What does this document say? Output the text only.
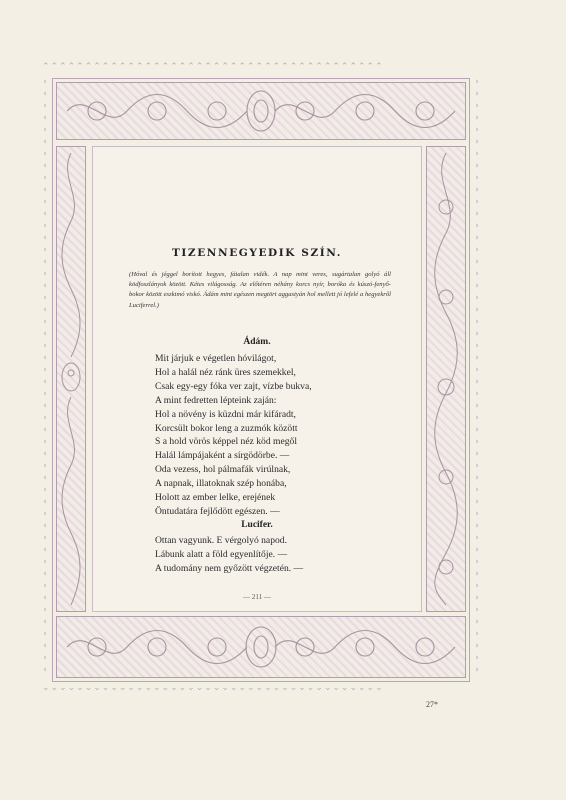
⌃⌃⌃⌃⌃⌃⌃⌃⌃⌃⌃⌃⌃⌃⌃⌃⌃⌃⌃⌃⌃⌃⌃⌃⌃⌃⌃⌃⌃⌃⌃⌃⌃⌃⌃⌃⌃⌃⌃⌃
⌄⌄⌄⌄⌄⌄⌄⌄⌄⌄⌄⌄⌄⌄⌄⌄⌄⌄⌄⌄⌄⌄⌄⌄⌄⌄⌄⌄⌄⌄⌄⌄⌄⌄⌄⌄⌄⌄⌄⌄
‹
‹
‹
‹
‹
‹
‹
‹
‹
‹
‹
‹
‹
‹
‹
‹
‹
‹
‹
‹
‹
‹
‹
‹
‹
‹
‹
‹
‹
‹
‹
‹
‹
‹
‹
‹
‹
‹
‹
‹
‹
‹
‹
‹
‹
‹
‹
‹
‹
‹
›
›
›
›
›
›
›
›
›
›
›
›
›
›
›
›
›
›
›
›
›
›
›
›
›
›
›
›
›
›
›
›
›
›
›
›
›
›
›
›
›
›
›
›
›
›
›
›
›
›
TIZENNEGYEDIK SZÍN.
(Hóval és jéggel borított hegyes, fátalan vidék. A nap mint veres, sugártalan golyó áll ködfoszlányok között. Kétes világosság. Az előtéren néhány korcs nyír, boróka és kúszó-fenyő-bokor között eszkimó viskó. Ádám mint egészen megtört aggastyán hol mellett jó lefelé a hegyekről Luciferrel.)
Ádám.
Mit járjuk e végetlen hóvilágot,
Hol a halál néz ránk üres szemekkel,
Csak egy-egy fóka ver zajt, vízbe bukva,
A mint fedretten lépteink zaján:
Hol a növény is küzdni már kifáradt,
Korcsült bokor leng a zuzmók között
S a hold vörös képpel néz köd megől
Halál lámpájaként a sírgödörbe. —
Oda vezess, hol pálmafák virúlnak,
A napnak, illatoknak szép honába,
Holott az ember lelke, erejének
Öntudatára fejlődött egészen. —
Lucifer.
Ottan vagyunk. E vérgolyó napod.
Lábunk alatt a föld egyenlítője. —
A tudomány nem győzött végzetén. —
— 211 —
27*
